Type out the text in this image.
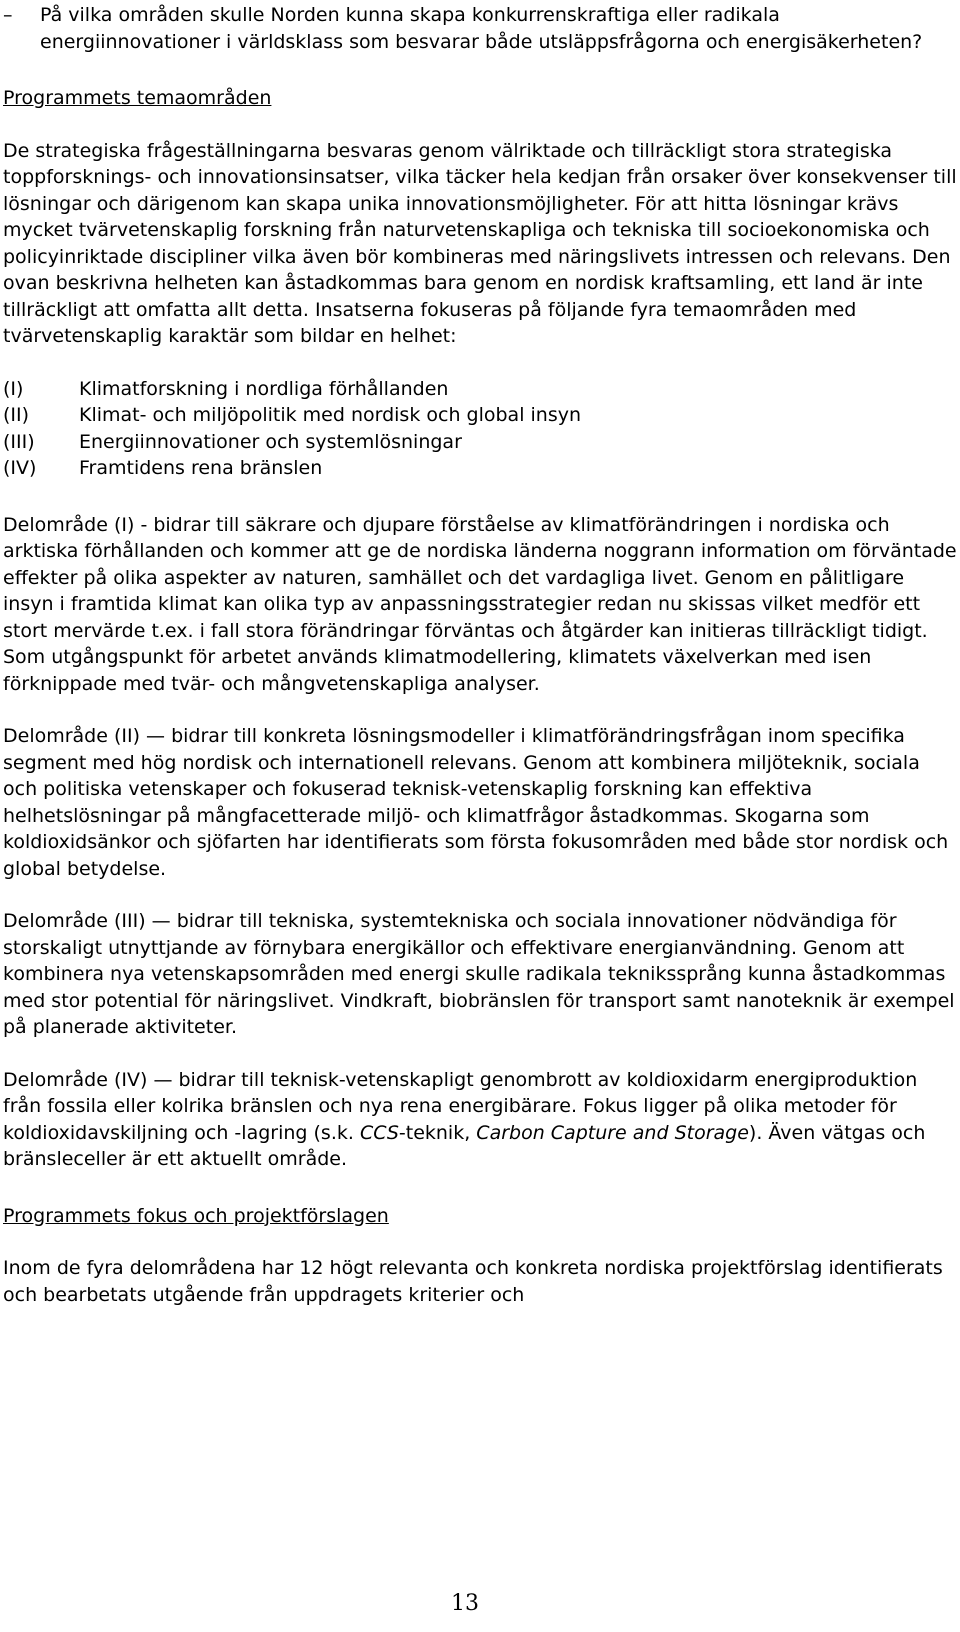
–	På vilka områden skulle Norden kunna skapa konkurrenskraftiga eller radikala energiinnovationer i världsklass som besvarar både utsläppsfrågorna och energisäkerheten?

Programmets temaområden

De strategiska frågeställningarna besvaras genom välriktade och tillräckligt stora strategiska toppforsknings- och innovationsinsatser, vilka täcker hela kedjan från orsaker över konsekvenser till lösningar och därigenom kan skapa unika innovationsmöjligheter. För att hitta lösningar krävs mycket tvärvetenskaplig forskning från naturvetenskapliga och tekniska till socioekonomiska och policyinriktade discipliner vilka även bör kombineras med näringslivets intressen och relevans. Den ovan beskrivna helheten kan åstadkommas bara genom en nordisk kraftsamling, ett land är inte tillräckligt att omfatta allt detta. Insatserna fokuseras på följande fyra temaområden med tvärvetenskaplig karaktär som bildar en helhet:

(I)	Klimatforskning i nordliga förhållanden
(II)	Klimat- och miljöpolitik med nordisk och global insyn
(III)	Energiinnovationer och systemlösningar
(IV)	Framtidens rena bränslen

Delområde (I) - bidrar till säkrare och djupare förståelse av klimatförändringen i nordiska och arktiska förhållanden och kommer att ge de nordiska länderna noggrann information om förväntade effekter på olika aspekter av naturen, samhället och det vardagliga livet. Genom en pålitligare insyn i framtida klimat kan olika typ av anpassningsstrategier redan nu skissas vilket medför ett stort mervärde t.ex. i fall stora förändringar förväntas och åtgärder kan initieras tillräckligt tidigt. Som utgångspunkt för arbetet används klimatmodellering, klimatets växelverkan med isen förknippade med tvär- och mångvetenskapliga analyser.

Delområde (II) — bidrar till konkreta lösningsmodeller i klimatförändringsfrågan inom specifika segment med hög nordisk och internationell relevans. Genom att kombinera miljöteknik, sociala och politiska vetenskaper och fokuserad teknisk-vetenskaplig forskning kan effektiva helhetslösningar på mångfacetterade miljö- och klimatfrågor åstadkommas. Skogarna som koldioxidsänkor och sjöfarten har identifierats som första fokusområden med både stor nordisk och global betydelse.

Delområde (III) — bidrar till tekniska, systemtekniska och sociala innovationer nödvändiga för storskaligt utnyttjande av förnybara energikällor och effektivare energianvändning. Genom att kombinera nya vetenskapsområden med energi skulle radikala teknikssprång kunna åstadkommas med stor potential för näringslivet. Vindkraft, biobränslen för transport samt nanoteknik är exempel på planerade aktiviteter.

Delområde (IV) — bidrar till teknisk-vetenskapligt genombrott av koldioxidarm energiproduktion från fossila eller kolrika bränslen och nya rena energibärare. Fokus ligger på olika metoder för koldioxidavskiljning och -lagring (s.k. CCS-teknik, Carbon Capture and Storage). Även vätgas och bränsleceller är ett aktuellt område.

Programmets fokus och projektförslagen

Inom de fyra delområdena har 12 högt relevanta och konkreta nordiska projektförslag identifierats och bearbetats utgående från uppdragets kriterier och

13
